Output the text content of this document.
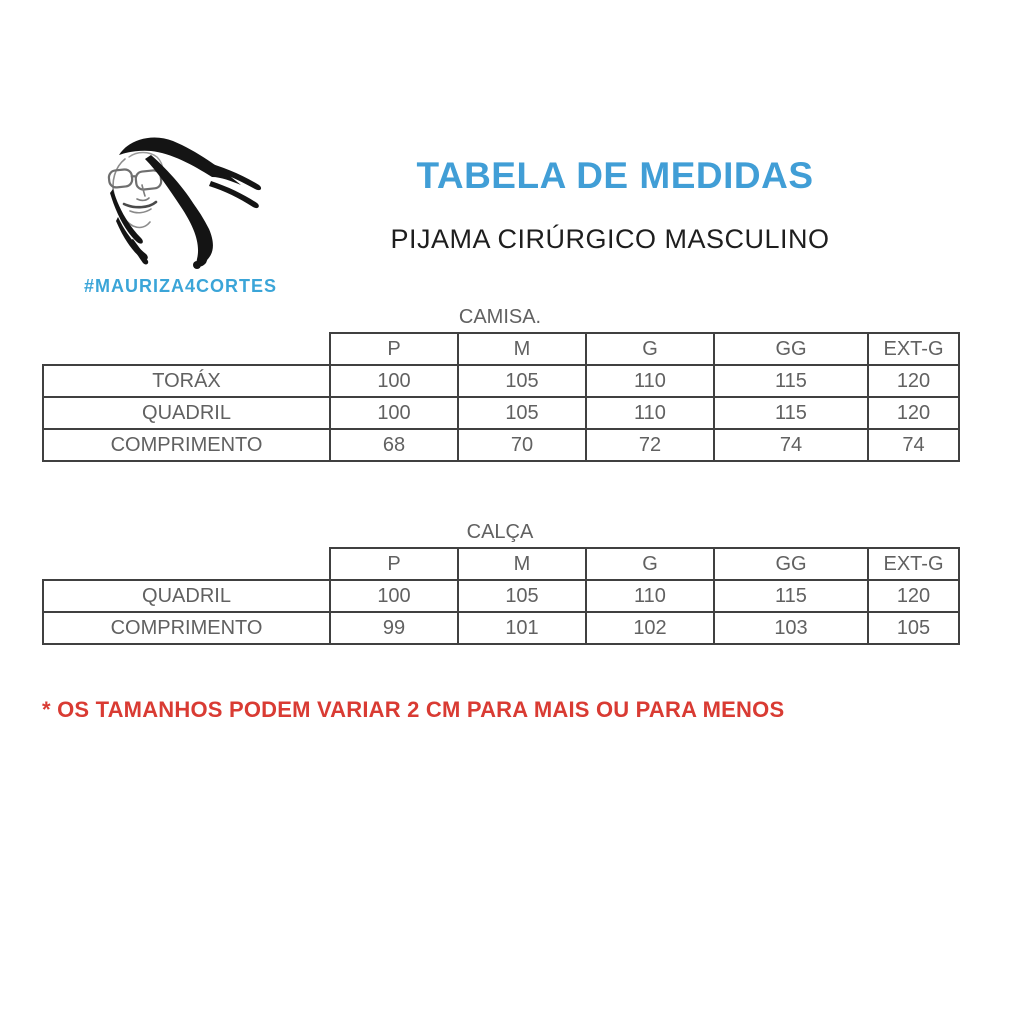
#MAURIZA4CORTES
TABELA DE MEDIDAS
PIJAMA CIRÚRGICO MASCULINO
CAMISA.
	P	M	G	GG	EXT-G
TORÁX	100	105	110	115	120
QUADRIL	100	105	110	115	120
COMPRIMENTO	68	70	72	74	74
CALÇA
	P	M	G	GG	EXT-G
QUADRIL	100	105	110	115	120
COMPRIMENTO	99	101	102	103	105
* OS TAMANHOS PODEM VARIAR 2 CM PARA MAIS OU PARA MENOS
